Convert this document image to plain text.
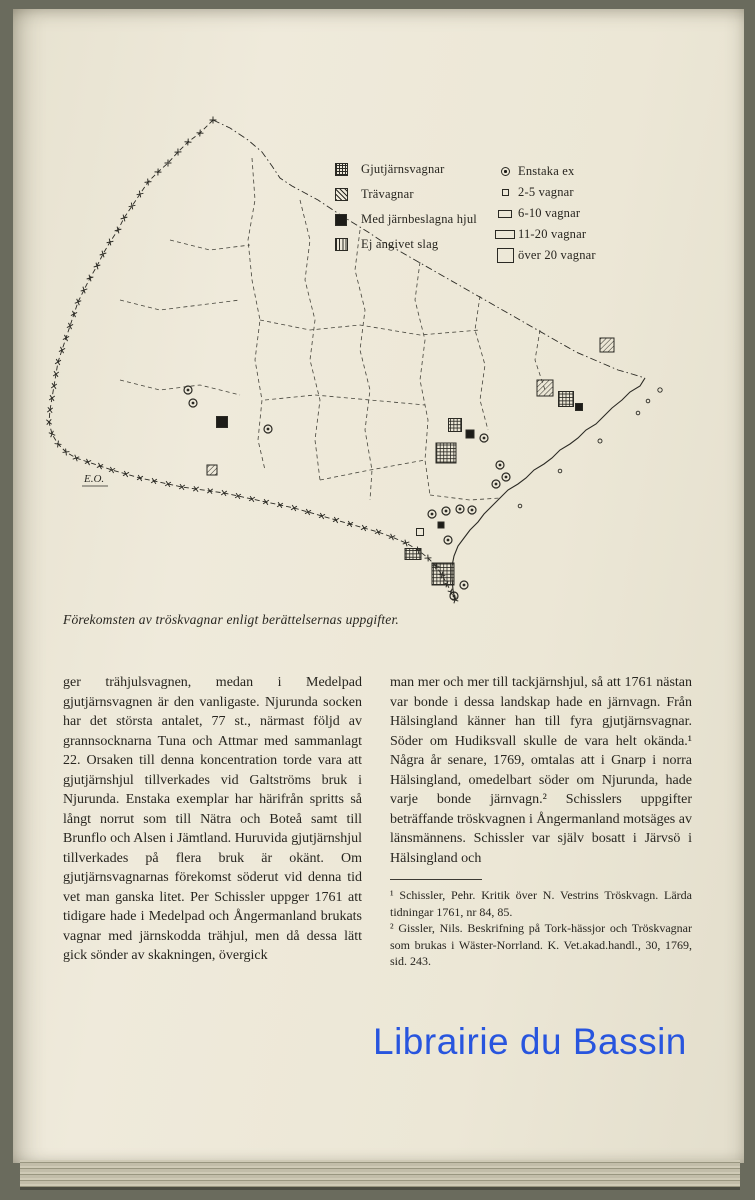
E.O.
Gjutjärnsvagnar
Trävagnar
Med järnbeslagna hjul
Ej angivet slag
Enstaka ex
2-5 vagnar
6-10 vagnar
11-20 vagnar
över 20 vagnar
Förekomsten av tröskvagnar enligt berättelsernas uppgifter.

ger trähjulsvagnen, medan i Medelpad gjutjärnsvagnen är den vanligaste. Njurunda socken har det största antalet, 77 st., närmast följd av grannsocknarna Tuna och Attmar med sammanlagt 22. Orsaken till denna koncentration torde vara att gjutjärnshjul tillverkades vid Galtströms bruk i Njurunda. Enstaka exemplar har härifrån spritts så långt norrut som till Nätra och Boteå samt till Brunflo och Alsen i Jämtland. Huruvida gjutjärnshjul tillverkades på flera bruk är okänt. Om gjutjärnsvagnarnas förekomst söderut vid denna tid vet man ganska litet. Per Schissler uppger 1761 att tidigare hade i Medelpad och Ångermanland brukats vagnar med järnskodda trähjul, men då dessa lätt gick sönder av skakningen, övergick

man mer och mer till tackjärnshjul, så att 1761 nästan var bonde i dessa landskap hade en järnvagn. Från Hälsingland känner han till fyra gjutjärnsvagnar. Söder om Hudiksvall skulle de vara helt okända.¹ Några år senare, 1769, omtalas att i Gnarp i norra Hälsingland, omedelbart söder om Njurunda, hade varje bonde järnvagn.² Schisslers uppgifter beträffande tröskvagnen i Ångermanland motsäges av länsmännens. Schissler var själv bosatt i Järvsö i Hälsingland och

¹ Schissler, Pehr. Kritik över N. Vestrins Tröskvagn. Lärda tidningar 1761, nr 84, 85.

² Gissler, Nils. Beskrifning på Tork-hässjor och Tröskvagnar som brukas i Wäster-Norrland. K. Vet.akad.handl., 30, 1769, sid. 243.

Librairie du Bassin
